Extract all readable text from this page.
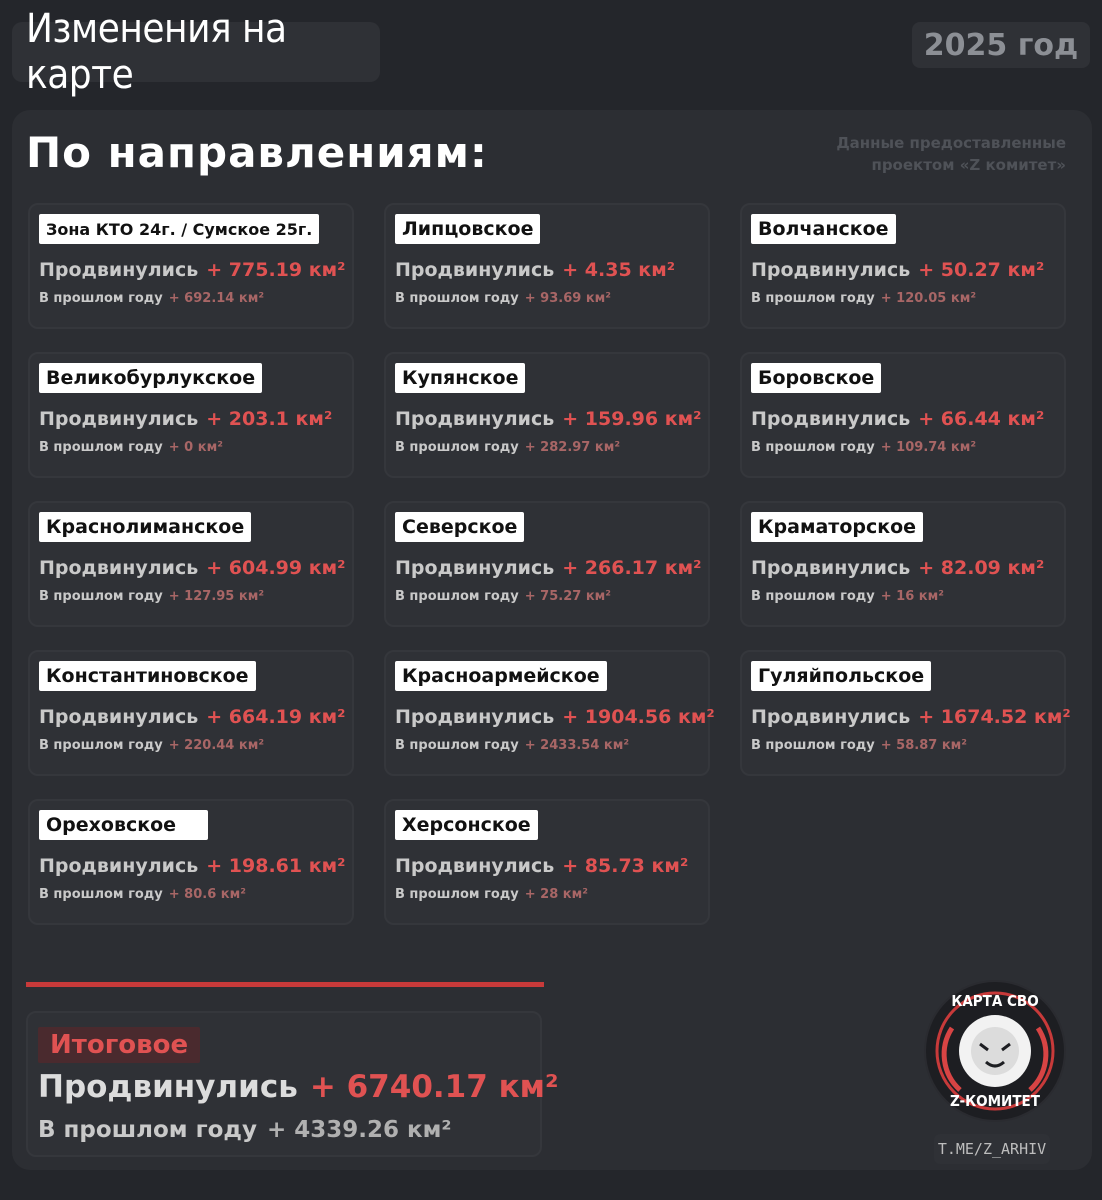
Изменения на карте
2025 год
По направлениям:	Данные предоставленные
проектом «Z комитет»
Зона КТО 24г. / Сумское 25г.
Продвинулись + 775.19 км²
В прошлом году + 692.14 км²
Липцовское
Продвинулись + 4.35 км²
В прошлом году + 93.69 км²
Волчанское
Продвинулись + 50.27 км²
В прошлом году + 120.05 км²
Великобурлукское
Продвинулись + 203.1 км²
В прошлом году + 0 км²
Купянское
Продвинулись + 159.96 км²
В прошлом году + 282.97 км²
Боровское
Продвинулись + 66.44 км²
В прошлом году + 109.74 км²
Краснолиманское
Продвинулись + 604.99 км²
В прошлом году + 127.95 км²
Северское
Продвинулись + 266.17 км²
В прошлом году + 75.27 км²
Краматорское
Продвинулись + 82.09 км²
В прошлом году + 16 км²
Константиновское
Продвинулись + 664.19 км²
В прошлом году + 220.44 км²
Красноармейское
Продвинулись + 1904.56 км²
В прошлом году + 2433.54 км²
Гуляйпольское
Продвинулись + 1674.52 км²
В прошлом году + 58.87 км²
Ореховское
Продвинулись + 198.61 км²
В прошлом году + 80.6 км²
Херсонское
Продвинулись + 85.73 км²
В прошлом году + 28 км²
Итоговое
Продвинулись + 6740.17 км²
В прошлом году + 4339.26 км²
КАРТА СВО
Z-КОМИТЕТ
T.ME/Z_ARHIV
